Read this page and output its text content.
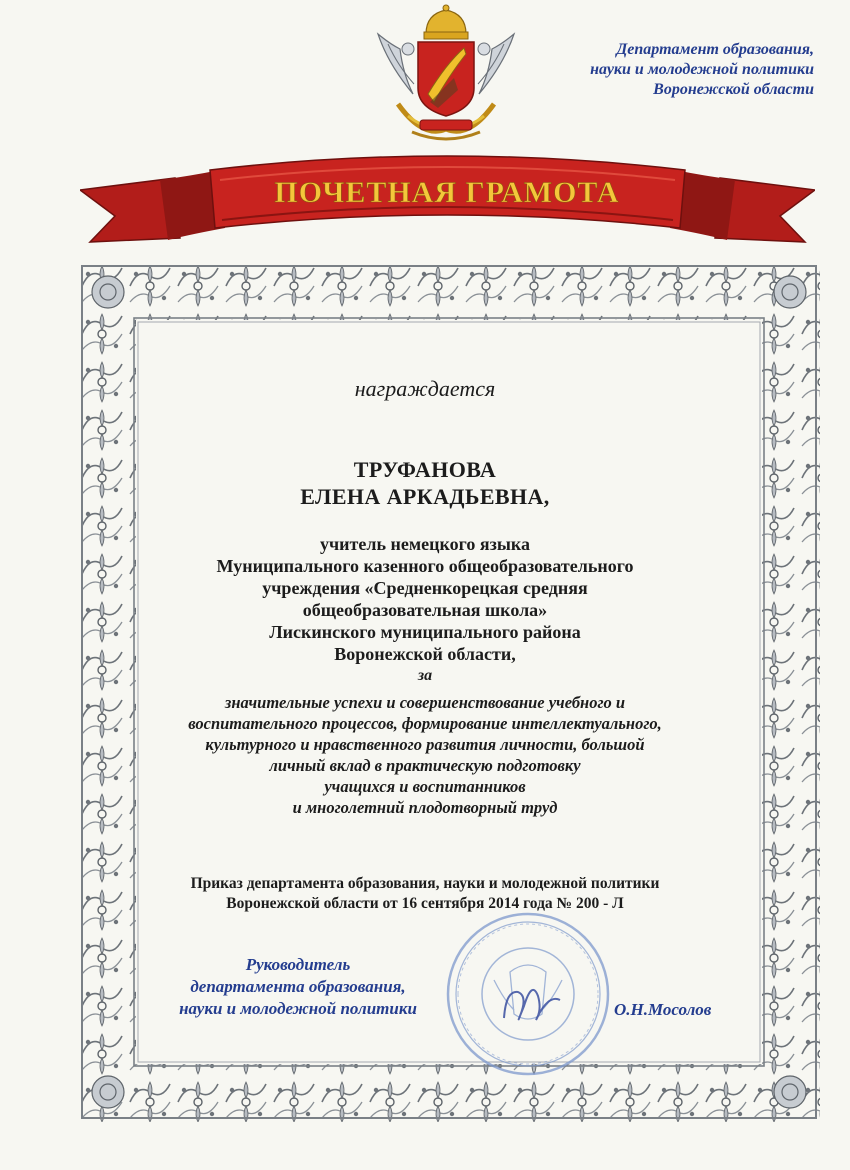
Департамент образования,
науки и молодежной политики
Воронежской области
ПОЧЕТНАЯ ГРАМОТА
награждается
ТРУФАНОВА
ЕЛЕНА АРКАДЬЕВНА,
учитель немецкого языка
Муниципального казенного общеобразовательного
учреждения «Средненкорецкая средняя
общеобразовательная школа»
Лискинского муниципального района
Воронежской области,
за
значительные успехи и совершенствование учебного и
воспитательного процессов, формирование интеллектуального,
культурного и нравственного развития личности, большой
личный вклад в практическую подготовку
учащихся и воспитанников
и многолетний плодотворный труд
Приказ департамента образования, науки и молодежной политики
Воронежской области от 16 сентября 2014 года № 200 - Л
Руководитель
департамента образования,
науки и молодежной политики	О.Н.Мосолов
